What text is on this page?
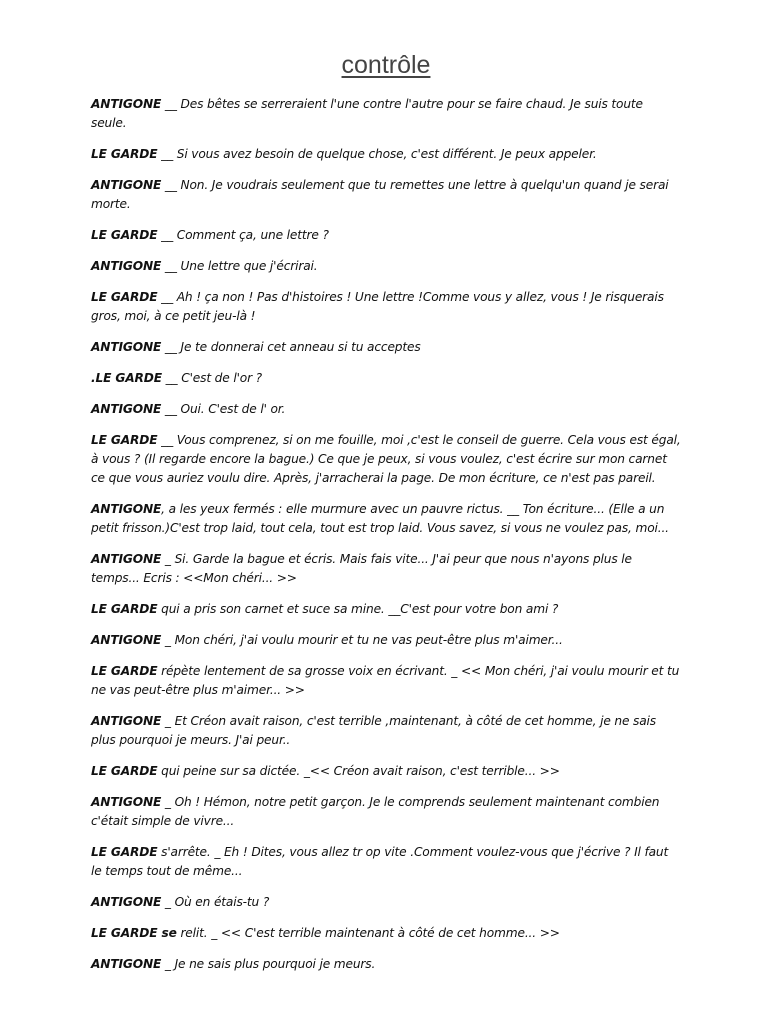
contrôle

ANTIGONE __ Des bêtes se serreraient l'une contre l'autre pour se faire chaud. Je suis toute seule.

LE GARDE __ Si vous avez besoin de quelque chose, c'est différent. Je peux appeler.

ANTIGONE __ Non. Je voudrais seulement que tu remettes une lettre à quelqu'un quand je serai morte.

LE GARDE __ Comment ça, une lettre ?

ANTIGONE __ Une lettre que j'écrirai.

LE GARDE __ Ah ! ça non ! Pas d'histoires ! Une lettre !Comme vous y allez, vous ! Je risquerais gros, moi, à ce petit jeu-là !

ANTIGONE __ Je te donnerai cet anneau si tu acceptes

.LE GARDE __ C'est de l'or ?

ANTIGONE __ Oui. C'est de l' or.

LE GARDE __ Vous comprenez, si on me fouille, moi ,c'est le conseil de guerre. Cela vous est égal, à vous ? (Il regarde encore la bague.) Ce que je peux, si vous voulez, c'est écrire sur mon carnet ce que vous auriez voulu dire. Après, j'arracherai la page. De mon écriture, ce n'est pas pareil.

ANTIGONE, a les yeux fermés : elle murmure avec un pauvre rictus. __ Ton écriture... (Elle a un petit frisson.)C'est trop laid, tout cela, tout est trop laid. Vous savez, si vous ne voulez pas, moi...

ANTIGONE _ Si. Garde la bague et écris. Mais fais vite... J'ai peur que nous n'ayons plus le temps... Ecris : <<Mon chéri... >>

LE GARDE qui a pris son carnet et suce sa mine. __C'est pour votre bon ami ?

ANTIGONE _ Mon chéri, j'ai voulu mourir et tu ne vas peut-être plus m'aimer...

LE GARDE répète lentement de sa grosse voix en écrivant. _ << Mon chéri, j'ai voulu mourir et tu ne vas peut-être plus m'aimer... >>

ANTIGONE _ Et Créon avait raison, c'est terrible ,maintenant, à côté de cet homme, je ne sais plus pourquoi je meurs. J'ai peur..

LE GARDE qui peine sur sa dictée. _<< Créon avait raison, c'est terrible... >>

ANTIGONE _ Oh ! Hémon, notre petit garçon. Je le comprends seulement maintenant combien c'était simple de vivre...

LE GARDE s'arrête. _ Eh ! Dites, vous allez tr op vite .Comment voulez-vous que j'écrive ? Il faut le temps tout de même...

ANTIGONE _ Où en étais-tu ?

LE GARDE se relit. _ << C'est terrible maintenant à côté de cet homme... >>

ANTIGONE _ Je ne sais plus pourquoi je meurs.
